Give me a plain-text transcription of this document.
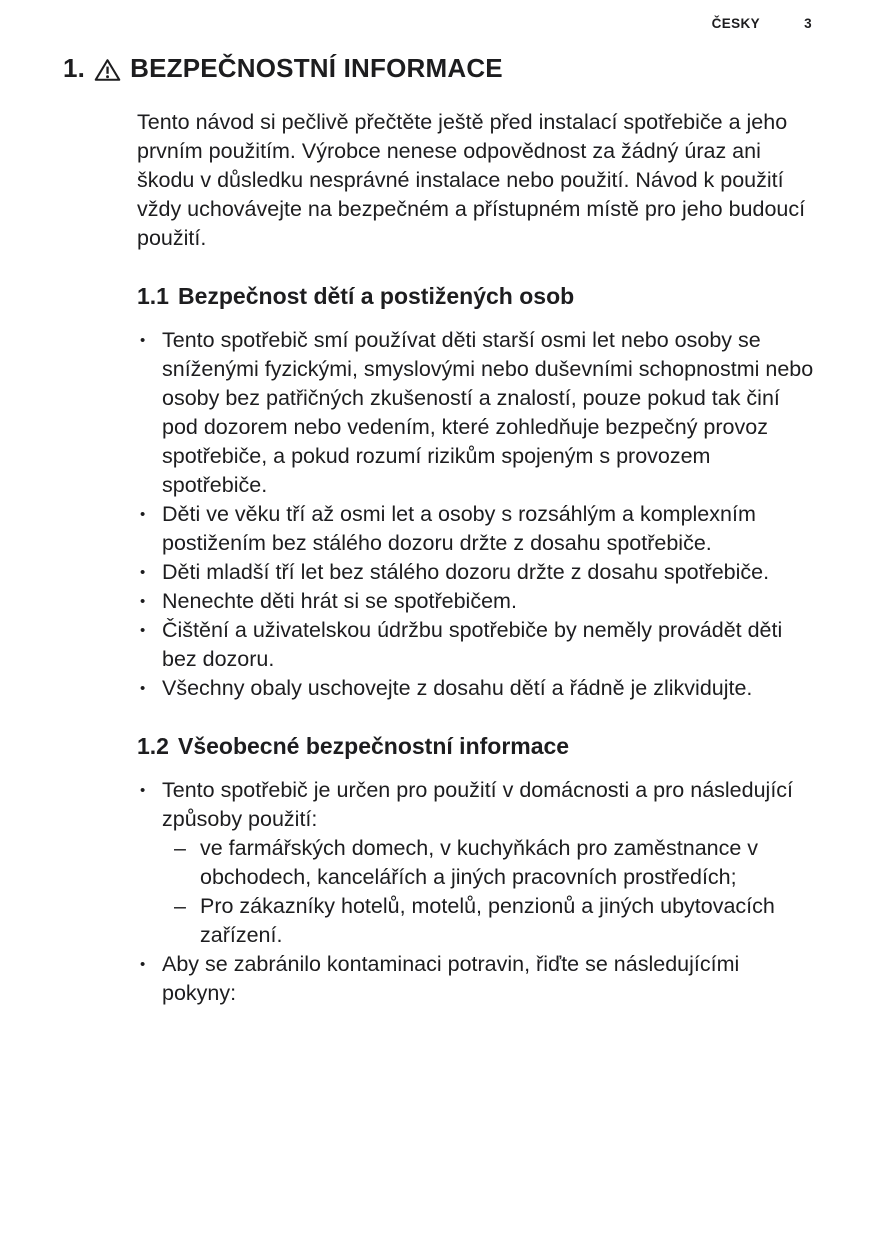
ČESKY	3
1. BEZPEČNOSTNÍ INFORMACE

Tento návod si pečlivě přečtěte ještě před instalací spotřebiče a jeho prvním použitím. Výrobce nenese odpovědnost za žádný úraz ani škodu v důsledku nesprávné instalace nebo použití. Návod k použití vždy uchovávejte na bezpečném a přístupném místě pro jeho budoucí použití.

1.1 Bezpečnost dětí a postižených osob
• Tento spotřebič smí používat děti starší osmi let nebo osoby se sníženými fyzickými, smyslovými nebo duševními schopnostmi nebo osoby bez patřičných zkušeností a znalostí, pouze pokud tak činí pod dozorem nebo vedením, které zohledňuje bezpečný provoz spotřebiče, a pokud rozumí rizikům spojeným s provozem spotřebiče.
• Děti ve věku tří až osmi let a osoby s rozsáhlým a komplexním postižením bez stálého dozoru držte z dosahu spotřebiče.
• Děti mladší tří let bez stálého dozoru držte z dosahu spotřebiče.
• Nenechte děti hrát si se spotřebičem.
• Čištění a uživatelskou údržbu spotřebiče by neměly provádět děti bez dozoru.
• Všechny obaly uschovejte z dosahu dětí a řádně je zlikvidujte.
1.2 Všeobecné bezpečnostní informace
• Tento spotřebič je určen pro použití v domácnosti a pro následující způsoby použití:
– ve farmářských domech, v kuchyňkách pro zaměstnance v obchodech, kancelářích a jiných pracovních prostředích;
– Pro zákazníky hotelů, motelů, penzionů a jiných ubytovacích zařízení.
• Aby se zabránilo kontaminaci potravin, řiďte se následujícími pokyny:
